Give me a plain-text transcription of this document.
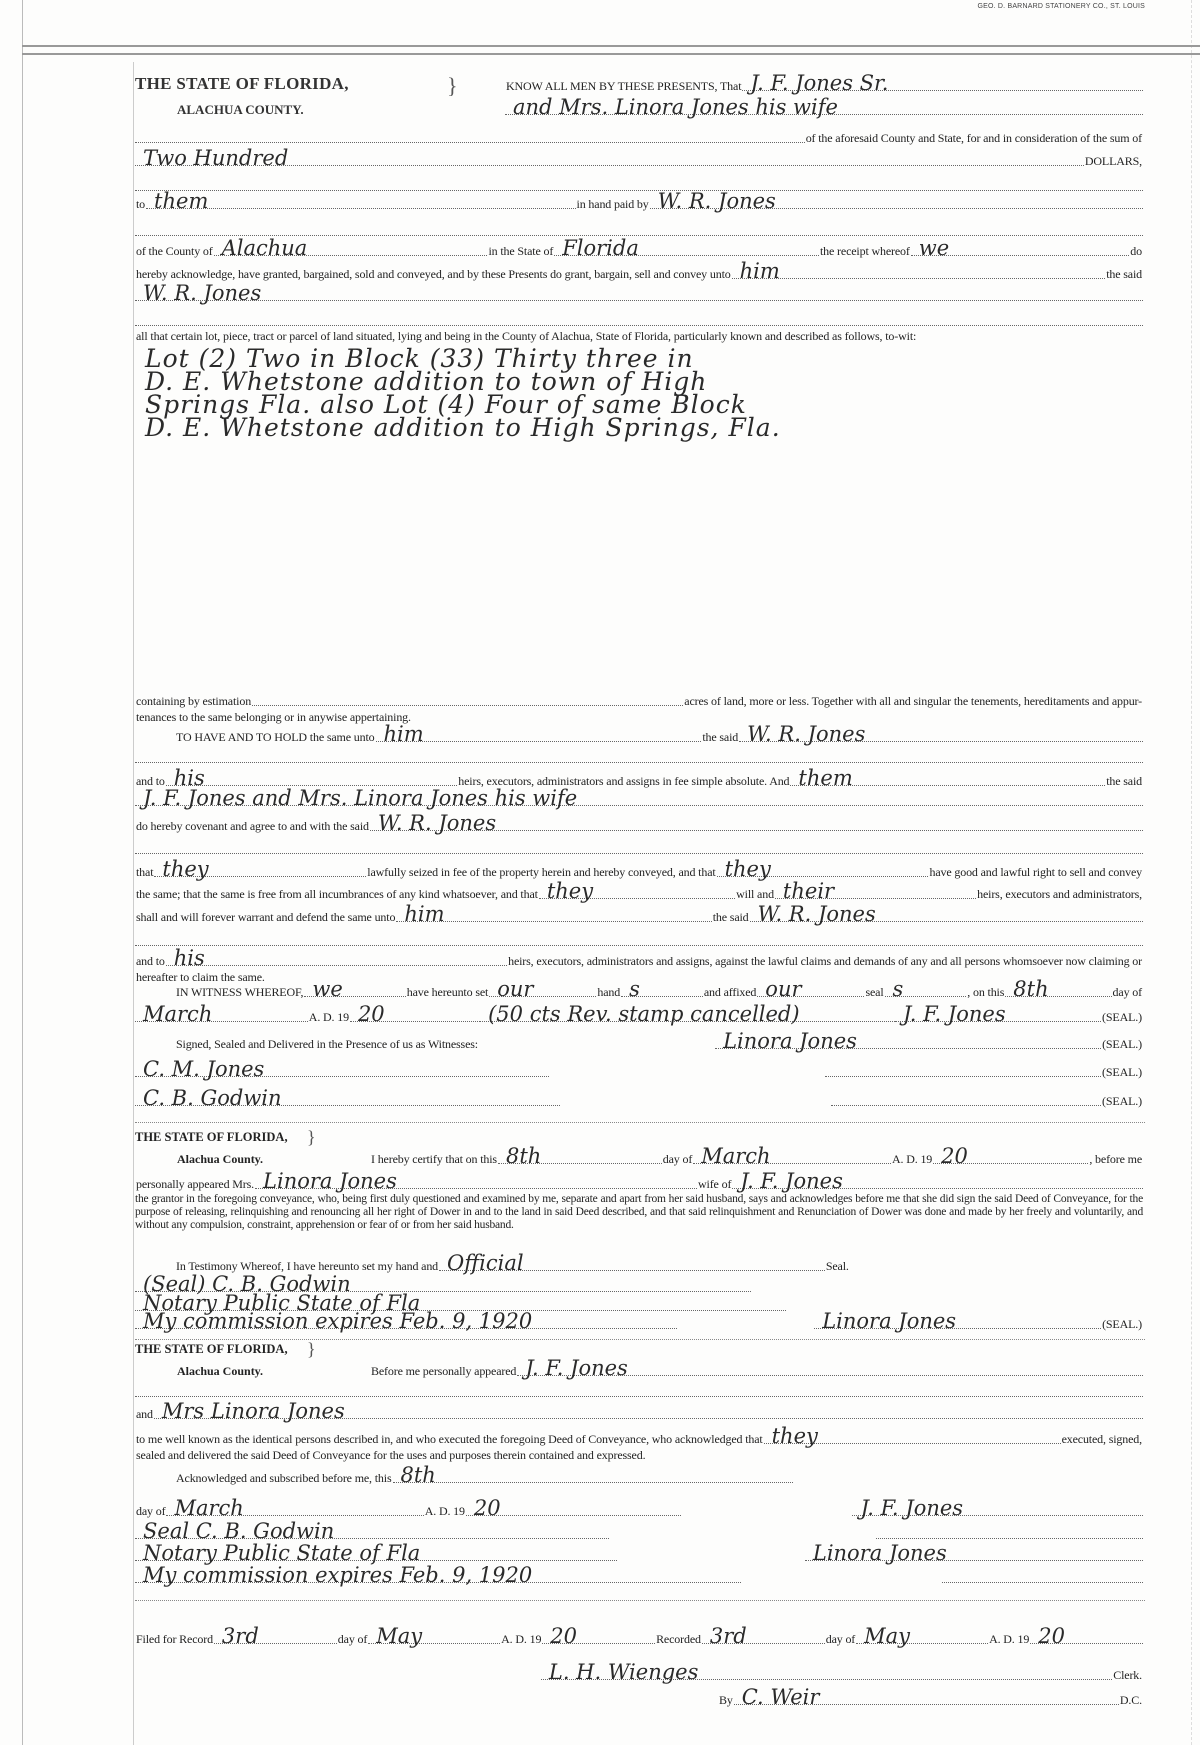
GEO. D. BARNARD STATIONERY CO., ST. LOUIS
THE STATE OF FLORIDA, }	KNOW ALL MEN BY THESE PRESENTS, That J. F. Jones Sr.
ALACHUA COUNTY.	and Mrs. Linora Jones his wife
of the aforesaid County and State, for and in consideration of the sum of
Two Hundred	DOLLARS,
to them	in hand paid by W. R. Jones
of the County of Alachua	in the State of Florida	the receipt whereof we	do
hereby acknowledge, have granted, bargained, sold and conveyed, and by these Presents do grant, bargain, sell and convey unto him	the said
W. R. Jones
all that certain lot, piece, tract or parcel of land situated, lying and being in the County of Alachua, State of Florida, particularly known and described as follows, to-wit:
Lot (2) Two in Block (33) Thirty three in
D. E. Whetstone addition to town of High
Springs Fla. also Lot (4) Four of same Block
D. E. Whetstone addition to High Springs, Fla.
containing by estimation	acres of land, more or less. Together with all and singular the tenements, hereditaments and appur-
tenances to the same belonging or in anywise appertaining.
TO HAVE AND TO HOLD the same unto him	the said W. R. Jones
and to his	heirs, executors, administrators and assigns in fee simple absolute. And them	the said
J. F. Jones and Mrs. Linora Jones his wife
do hereby covenant and agree to and with the said W. R. Jones
that they	lawfully seized in fee of the property herein and hereby conveyed, and that they	have good and lawful right to sell and convey
the same; that the same is free from all incumbrances of any kind whatsoever, and that they	will and their	heirs, executors and administrators,
shall and will forever warrant and defend the same unto him	the said W. R. Jones
and to his	heirs, executors, administrators and assigns, against the lawful claims and demands of any and all persons whomsoever now claiming or
hereafter to claim the same.
IN WITNESS WHEREOF, we	have hereunto set our	hand s	and affixed our	seal s	, on this 8th	day of
March	A. D. 19 20	(50 cts Rev. stamp cancelled)	J. F. Jones	(SEAL.)
Signed, Sealed and Delivered in the Presence of us as Witnesses:	Linora Jones	(SEAL.)
C. M. Jones	(SEAL.)
C. B. Godwin	(SEAL.)
THE STATE OF FLORIDA, }
Alachua County.	I hereby certify that on this 8th	day of March	A. D. 19 20	, before me
personally appeared Mrs. Linora Jones	wife of J. F. Jones
the grantor in the foregoing conveyance, who, being first duly questioned and examined by me, separate and apart from her said husband, says and acknowledges before me that she did sign the said Deed of Conveyance, for the purpose of releasing, relinquishing and renouncing all her right of Dower in and to the land in said Deed described, and that said relinquishment and Renunciation of Dower was done and made by her freely and voluntarily, and without any compulsion, constraint, apprehension or fear of or from her said husband.
In Testimony Whereof, I have hereunto set my hand and Official	Seal.
(Seal) C. B. Godwin
Notary Public State of Fla
My commission expires Feb. 9, 1920	Linora Jones	(SEAL.)
THE STATE OF FLORIDA, }
Alachua County.	Before me personally appeared J. F. Jones
and Mrs Linora Jones
to me well known as the identical persons described in, and who executed the foregoing Deed of Conveyance, who acknowledged that they	executed, signed,
sealed and delivered the said Deed of Conveyance for the uses and purposes therein contained and expressed.
Acknowledged and subscribed before me, this 8th
day of March	A. D. 19 20	J. F. Jones
Seal C. B. Godwin
Notary Public State of Fla	Linora Jones
My commission expires Feb. 9, 1920
Filed for Record 3rd	day of May	A. D. 19 20	Recorded 3rd	day of May	A. D. 19 20
L. H. Wienges	Clerk.
By C. Weir	D.C.
